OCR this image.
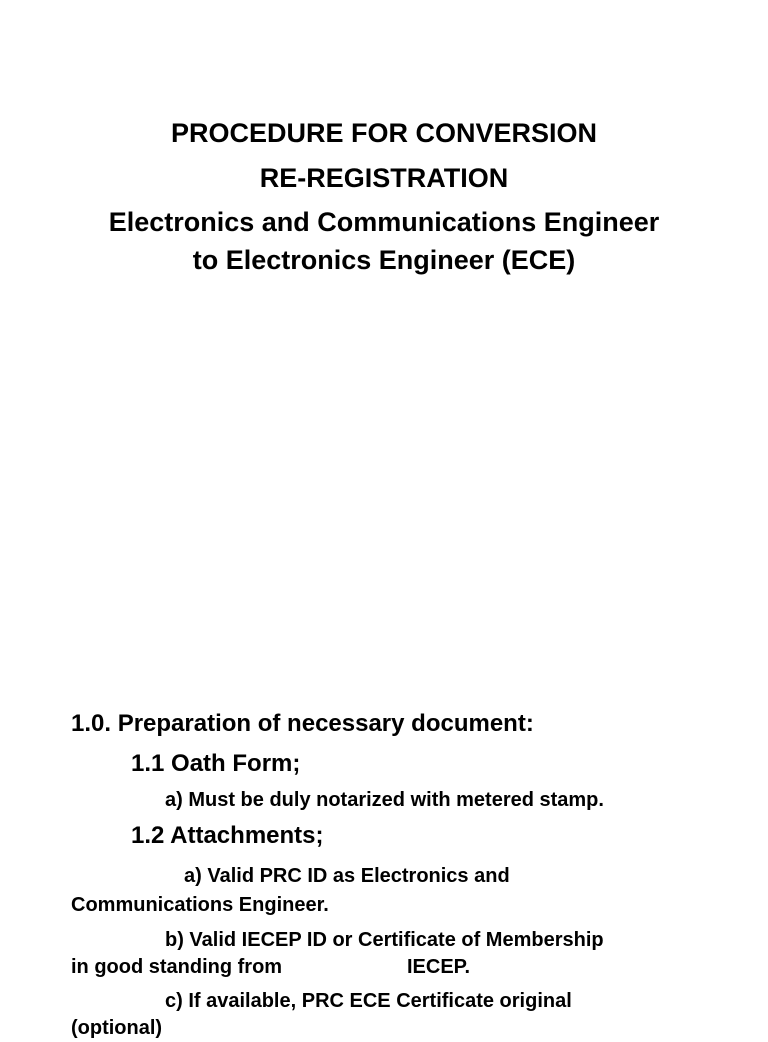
PROCEDURE FOR CONVERSION
RE-REGISTRATION
Electronics and Communications Engineer
to Electronics Engineer (ECE)
1.0. Preparation of necessary document:
1.1 Oath Form;
a) Must be duly notarized with metered stamp.
1.2 Attachments;
a) Valid PRC ID as Electronics and
Communications Engineer.
b) Valid IECEP ID or Certificate of Membership
in good standing from	IECEP.
c) If available, PRC ECE Certificate original
(optional)
